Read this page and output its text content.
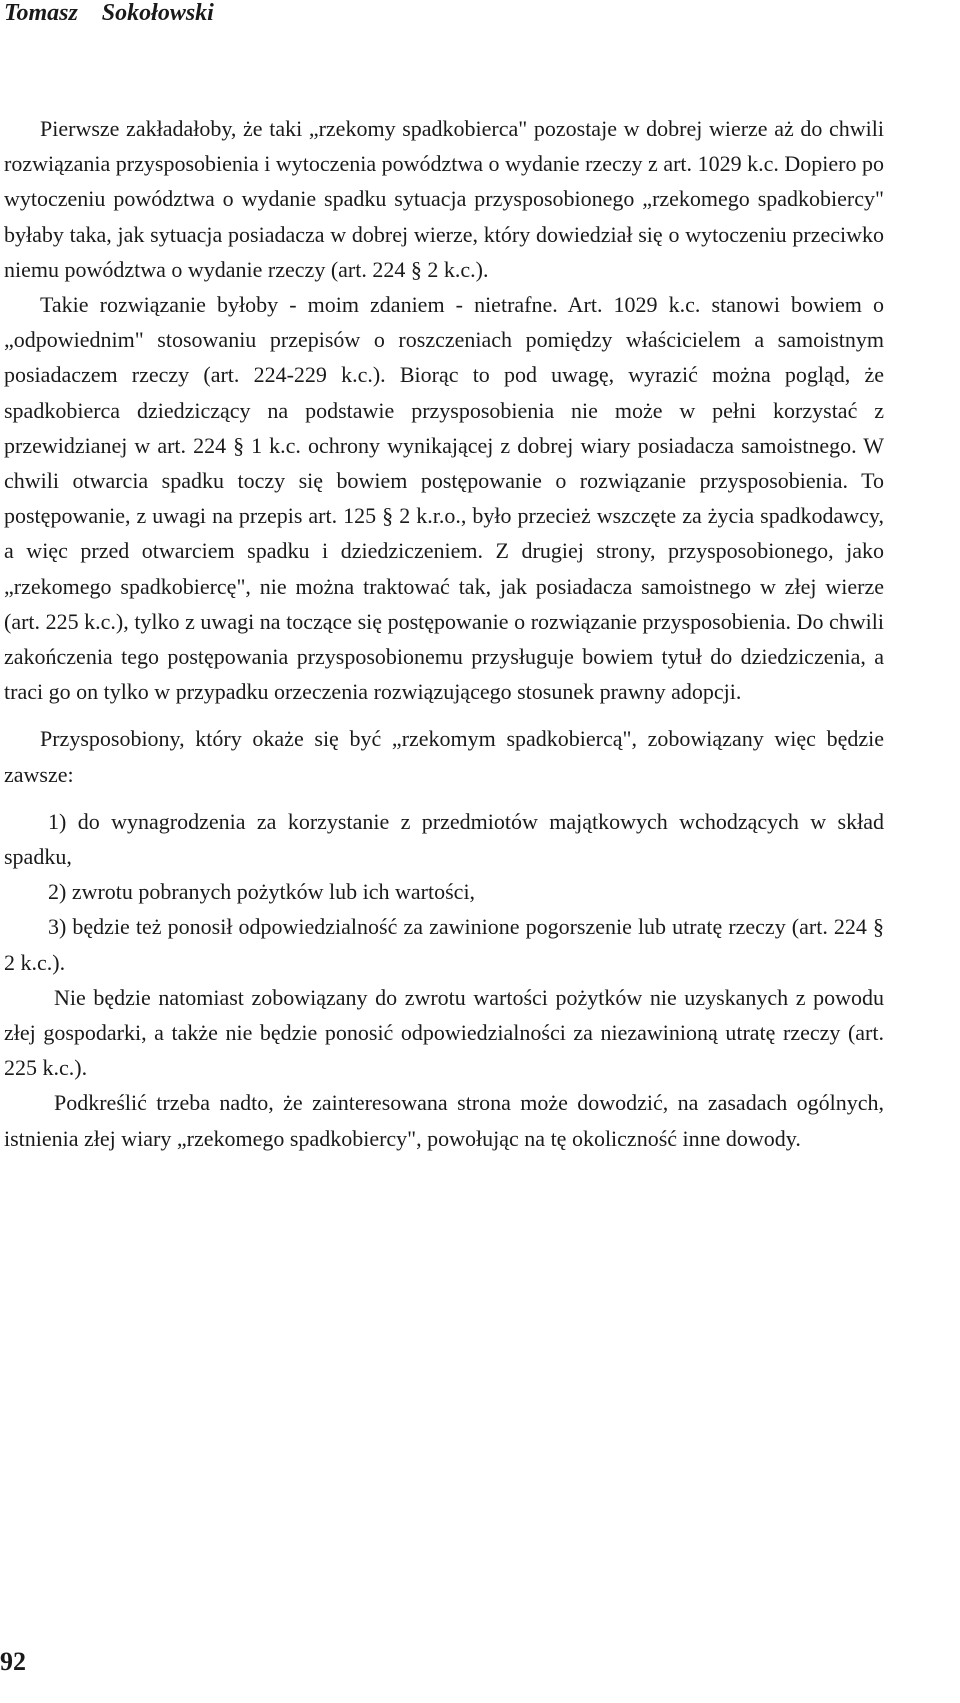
Tomasz    Sokołowski

Pierwsze zakładałoby, że taki „rzekomy spadkobierca" pozostaje w dobrej wierze aż do chwili rozwiązania przysposobienia i wytoczenia powództwa o wydanie rzeczy z art. 1029 k.c. Dopiero po wytoczeniu powództwa o wydanie spadku sytuacja przysposobionego „rzekomego spadkobiercy" byłaby taka, jak sytuacja posiadacza w dobrej wierze, który dowiedział się o wytoczeniu przeciwko niemu powództwa o wydanie rzeczy (art. 224 § 2 k.c.).

Takie rozwiązanie byłoby - moim zdaniem - nietrafne. Art. 1029 k.c. stanowi bowiem o „odpowiednim" stosowaniu przepisów o roszczeniach pomiędzy właścicielem a samoistnym posiadaczem rzeczy (art. 224-229 k.c.). Biorąc to pod uwagę, wyrazić można pogląd, że spadkobierca dziedziczący na podstawie przysposobienia nie może w pełni korzystać z przewidzianej w art. 224 § 1 k.c. ochrony wynikającej z dobrej wiary posiadacza samoistnego. W chwili otwarcia spadku toczy się bowiem postępowanie o rozwiązanie przysposobienia. To postępowanie, z uwagi na przepis art. 125 § 2 k.r.o., było przecież wszczęte za życia spadkodawcy, a więc przed otwarciem spadku i dziedziczeniem. Z drugiej strony, przysposobionego, jako „rzekomego spadkobiercę", nie można traktować tak, jak posiadacza samoistnego w złej wierze (art. 225 k.c.), tylko z uwagi na toczące się postępowanie o rozwiązanie przysposobienia. Do chwili zakończenia tego postępowania przysposobionemu przysługuje bowiem tytuł do dziedziczenia, a traci go on tylko w przypadku orzeczenia rozwiązującego stosunek prawny adopcji.

Przysposobiony, który okaże się być „rzekomym spadkobiercą", zobowiązany więc będzie zawsze:

1) do wynagrodzenia za korzystanie z przedmiotów majątkowych wchodzących w skład spadku,

2) zwrotu pobranych pożytków lub ich wartości,

3) będzie też ponosił odpowiedzialność za zawinione pogorszenie lub utratę rzeczy (art. 224 § 2 k.c.).

Nie będzie natomiast zobowiązany do zwrotu wartości pożytków nie uzyskanych z powodu złej gospodarki, a także nie będzie ponosić odpowiedzialności za niezawinioną utratę rzeczy (art. 225 k.c.).

Podkreślić trzeba nadto, że zainteresowana strona może dowodzić, na zasadach ogólnych, istnienia złej wiary „rzekomego spadkobiercy", powołując na tę okoliczność inne dowody.

92
